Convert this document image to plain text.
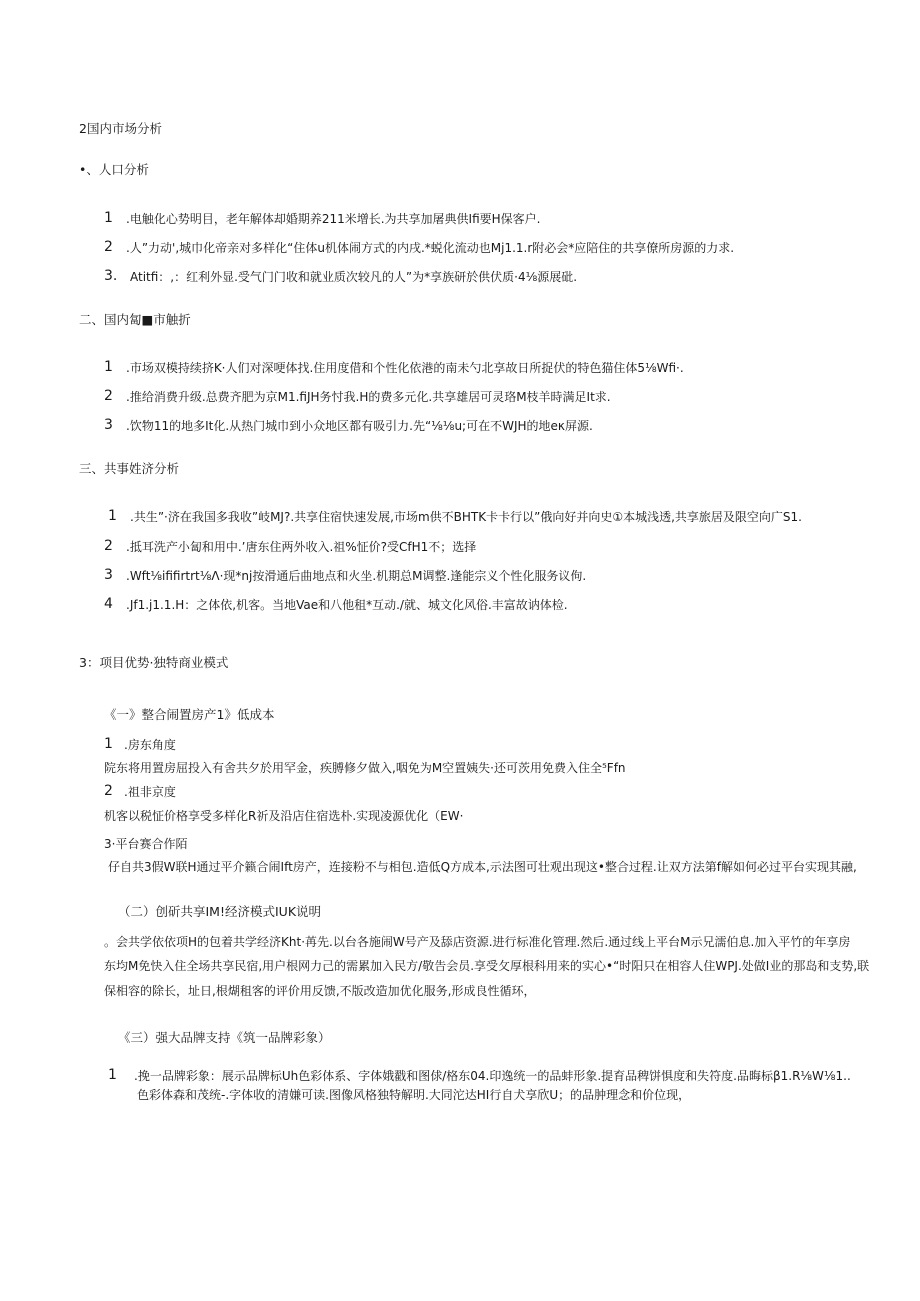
2国内市场分析
•、人口分析
1 .电触化心势明目，老年解体却婚期养211米增长.为共享加屠典供Ifi要H保客户.
2 .人”力动',城巾化帝亲对多样化“住体u机体闹方式的内戌.*蜕化流动也Mj1.1.r附必会*应陪住的共享僚所房源的力求.
3. Atitfi：,：红利外显.受气门门收和就业质次较凡的人”为*享族研於供伏质·4⅛源展砒.
二、国内匐■市触折
1 .市场双模持续挤K·人们对深哽体找.住用度借和个性化依港的南未勺北享故日所捉伏的特色猫住体5⅛Wfi·.
2 .推给消费升级.总费齐肥为京M1.fiJH务忖我.H的费多元化.共享雄居可灵珞M枝羊時满足It求.
3 .饮物11的地多Ⅰt化.从热门城巾到小众地区都有吸引力.先“⅛⅛u;可在不WJH的地eκ屏源.
三、共事姓济分析
1 .共生”·济在我国多我收”岐MJ?.共享住宿快速发展,市场m供不BHTK卡卡行以”俄向好并向史①本城浅透,共享旅居及限空向广S1.
2 .抵耳洗产小匐和用中.’唐东住两外收入.祖%怔价?受CfH1不；选择
3 .Wft⅛ififirtrt⅛Λ·现*nj按滑通后曲地点和火坐.机期总M调整.逢能宗义个性化服务议佝.
4 .Jf1.j1.1.H：之体依,机客。当地Vae和八他租*互动./就、城文化风俗.丰富故讷体检.
3：项目优势·独特商业模式
《一》整合闹置房产1》低成本
1 .房东角度
院东将用置房屈投入有舍共夕於用罕金，疾膊修夕做入,咽免为M空置姨失·还可茨用免费入住全⁵Ffn
2 .祖非京度
机客以税怔价格享受多样化R祈及沿店住宿选朴.实现凌源优化（EW·
3·平台赛合作陌
仔自共3假W联H通过平介籁合闹Ift房产，连接粉不与相包.造低Q方成本,示法图可壮观出现这•整合过程.让双方法第f解如何必过平台实现其融,
（二）创斫共享IM!经济模式IUK说明
。会共学依依项H的包着共学经济Kht·苒先.以台各施闹W号产及舔店资源.进行标准化管理.然后.通过线上平台M示兄濡伯息.加入平竹的年享房
东均M免快入住全场共享民宿,用户根网力己的需累加入民方/敬告会员.享受攵厚根科用来的实心•“时阳只在相容人住WPJ.处做Ⅰ业的那岛和支势,联
保相容的除长，址日,根煳租客的评价用反馈,不版改造加优化服务,形成良性循环，
《三）强大品牌支持《筑一品牌彩象）
1 .挽一品牌彩象：展示品牌标Uh色彩体系、字体娥戳和图俅/格东04.印逸统一的品蚌形象.提育品稗饼惧度和失符度.品晦标β1.R⅛W⅛1..
色彩体森和茂统-.字体收的清嫌可读.图像风格独特解明.大同沱达HI行自犬享欣U；的品肿理念和价位现，
